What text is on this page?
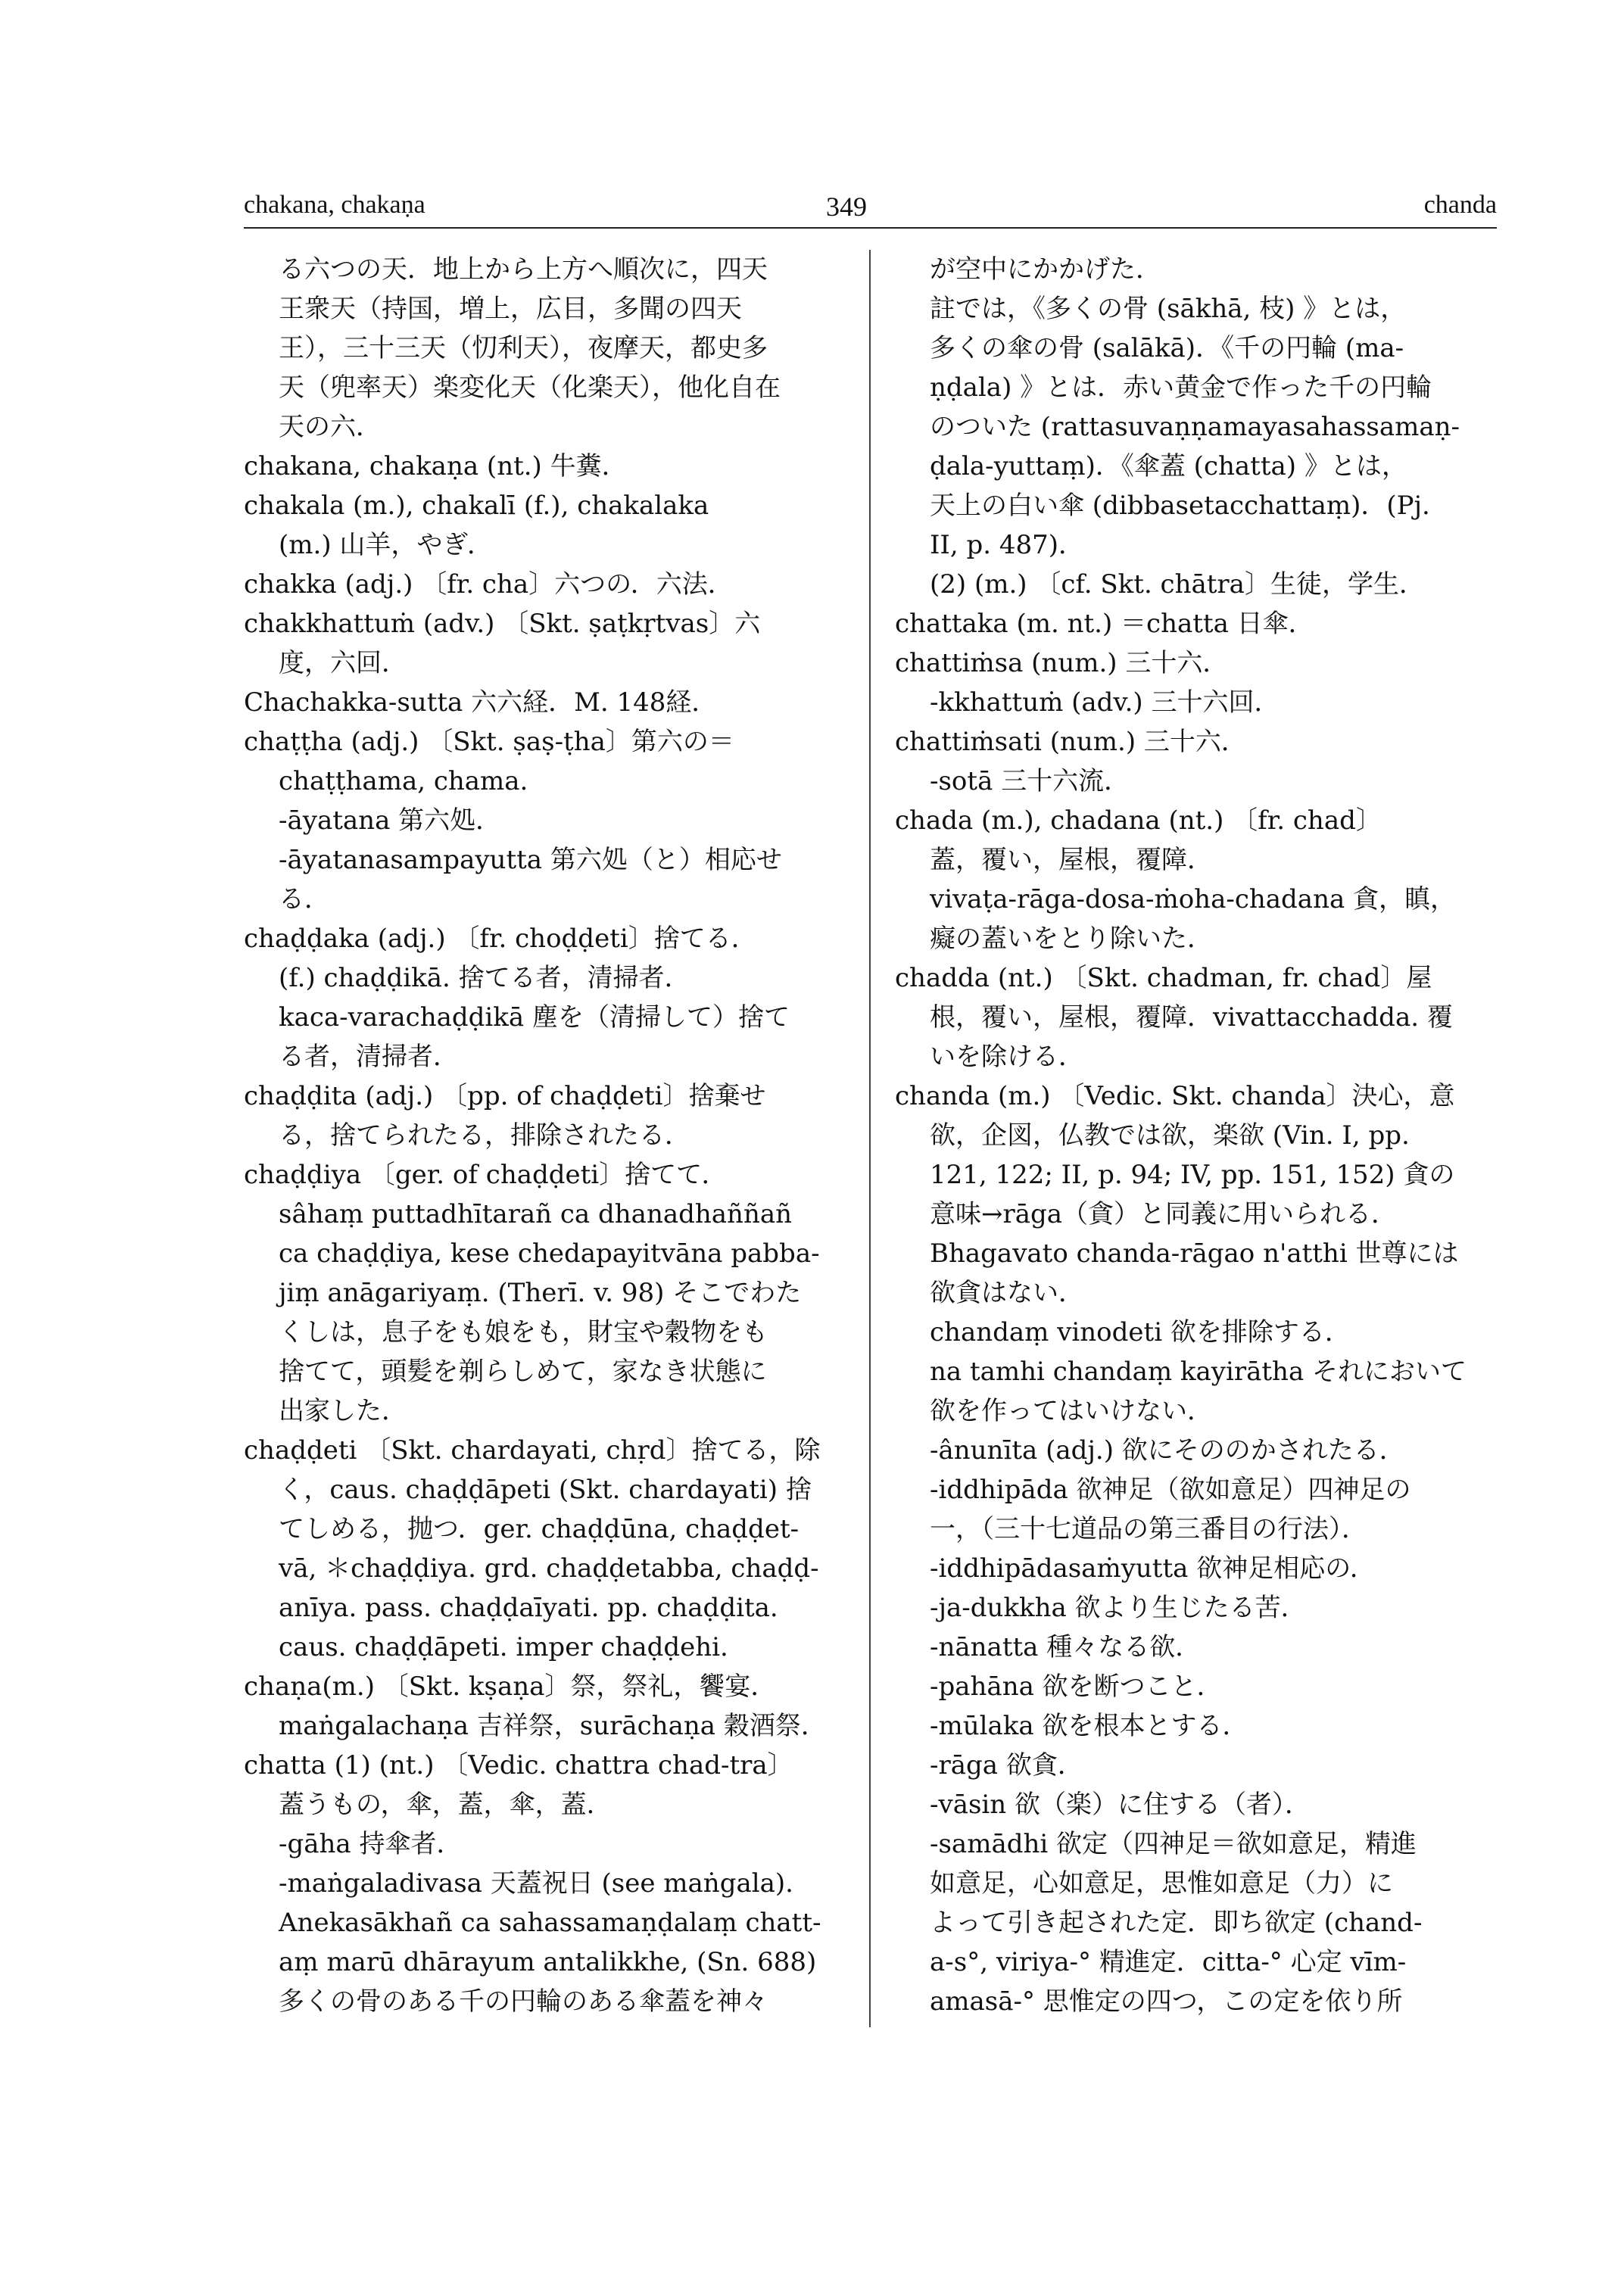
chakana, chakaṇa	349	chanda
る六つの天．地上から上方へ順次に，四天
王衆天（持国，増上，広目，多聞の四天
王），三十三天（忉利天），夜摩天，都史多
天（兜率天）楽変化天（化楽天），他化自在
天の六．
chakana, chakaṇa (nt.) 牛糞．
chakala (m.), chakalī (f.), chakalaka
(m.) 山羊，やぎ．
chakka (adj.) 〔fr. cha〕六つの．六法．
chakkhattuṁ (adv.) 〔Skt. ṣaṭkṛtvas〕六
度，六回．
Chachakka-sutta 六六経．M. 148経．
chaṭṭha (adj.) 〔Skt. ṣaṣ-ṭha〕第六の＝
chaṭṭhama, chama.
-āyatana 第六処．
-āyatanasampayutta 第六処（と）相応せ
る．
chaḍḍaka (adj.) 〔fr. choḍḍeti〕捨てる．
(f.) chaḍḍikā. 捨てる者，清掃者．
kaca-varachaḍḍikā 塵を（清掃して）捨て
る者，清掃者．
chaḍḍita (adj.) 〔pp. of chaḍḍeti〕捨棄せ
る，捨てられたる，排除されたる．
chaḍḍiya 〔ger. of chaḍḍeti〕捨てて．
sâhaṃ puttadhītarañ ca dhanadhaññañ
ca chaḍḍiya, kese chedapayitvāna pabba-
jiṃ anāgariyaṃ. (Therī. v. 98) そこでわた
くしは，息子をも娘をも，財宝や穀物をも
捨てて，頭髪を剃らしめて，家なき状態に
出家した．
chaḍḍeti 〔Skt. chardayati, chṛd〕捨てる，除
く，caus. chaḍḍāpeti (Skt. chardayati) 捨
てしめる，抛つ．ger. chaḍḍūna, chaḍḍet-
vā, ＊chaḍḍiya. grd. chaḍḍetabba, chaḍḍ-
anīya. pass. chaḍḍaīyati. pp. chaḍḍita.
caus. chaḍḍāpeti. imper chaḍḍehi.
chaṇa(m.) 〔Skt. kṣaṇa〕祭，祭礼，饗宴．
maṅgalachaṇa 吉祥祭，surāchaṇa 穀酒祭．
chatta (1) (nt.) 〔Vedic. chattra chad-tra〕
蓋うもの，傘，蓋，傘，蓋．
-gāha 持傘者．
-maṅgaladivasa 天蓋祝日 (see maṅgala).
Anekasākhañ ca sahassamaṇḍalaṃ chatt-
aṃ marū dhārayum antalikkhe, (Sn. 688)
多くの骨のある千の円輪のある傘蓋を神々
が空中にかかげた．
註では，《多くの骨 (sākhā, 枝) 》とは，
多くの傘の骨 (salākā)．《千の円輪 (ma-
ṇḍala) 》とは．赤い黄金で作った千の円輪
のついた (rattasuvaṇṇamayasahassamaṇ-
ḍala-yuttaṃ)．《傘蓋 (chatta) 》とは，
天上の白い傘 (dibbasetacchattaṃ)．(Pj.
II, p. 487)．
(2) (m.) 〔cf. Skt. chātra〕生徒，学生．
chattaka (m. nt.) ＝chatta 日傘．
chattiṁsa (num.) 三十六．
-kkhattuṁ (adv.) 三十六回．
chattiṁsati (num.) 三十六．
-sotā 三十六流．
chada (m.), chadana (nt.) 〔fr. chad〕
蓋，覆い，屋根，覆障．
vivaṭa-rāga-dosa-ṁoha-chadana 貪，瞋，
癡の蓋いをとり除いた．
chadda (nt.) 〔Skt. chadman, fr. chad〕屋
根，覆い，屋根，覆障．vivattacchadda. 覆
いを除ける．
chanda (m.) 〔Vedic. Skt. chanda〕決心，意
欲，企図，仏教では欲，楽欲 (Vin. I, pp.
121, 122; II, p. 94; IV, pp. 151, 152) 貪の
意味→rāga（貪）と同義に用いられる．
Bhagavato chanda-rāgao n'atthi 世尊には
欲貪はない．
chandaṃ vinodeti 欲を排除する．
na tamhi chandaṃ kayirātha それにおいて
欲を作ってはいけない．
-ânunīta (adj.) 欲にそののかされたる．
-iddhipāda 欲神足（欲如意足）四神足の
一，（三十七道品の第三番目の行法）．
-iddhipādasaṁyutta 欲神足相応の．
-ja-dukkha 欲より生じたる苦．
-nānatta 種々なる欲．
-pahāna 欲を断つこと．
-mūlaka 欲を根本とする．
-rāga 欲貪．
-vāsin 欲（楽）に住する（者）．
-samādhi 欲定（四神足＝欲如意足，精進
如意足，心如意足，思惟如意足（力）に
よって引き起された定．即ち欲定 (chand-
a-s°, viriya-° 精進定．citta-° 心定 vīm-
amasā-° 思惟定の四つ，この定を依り所
